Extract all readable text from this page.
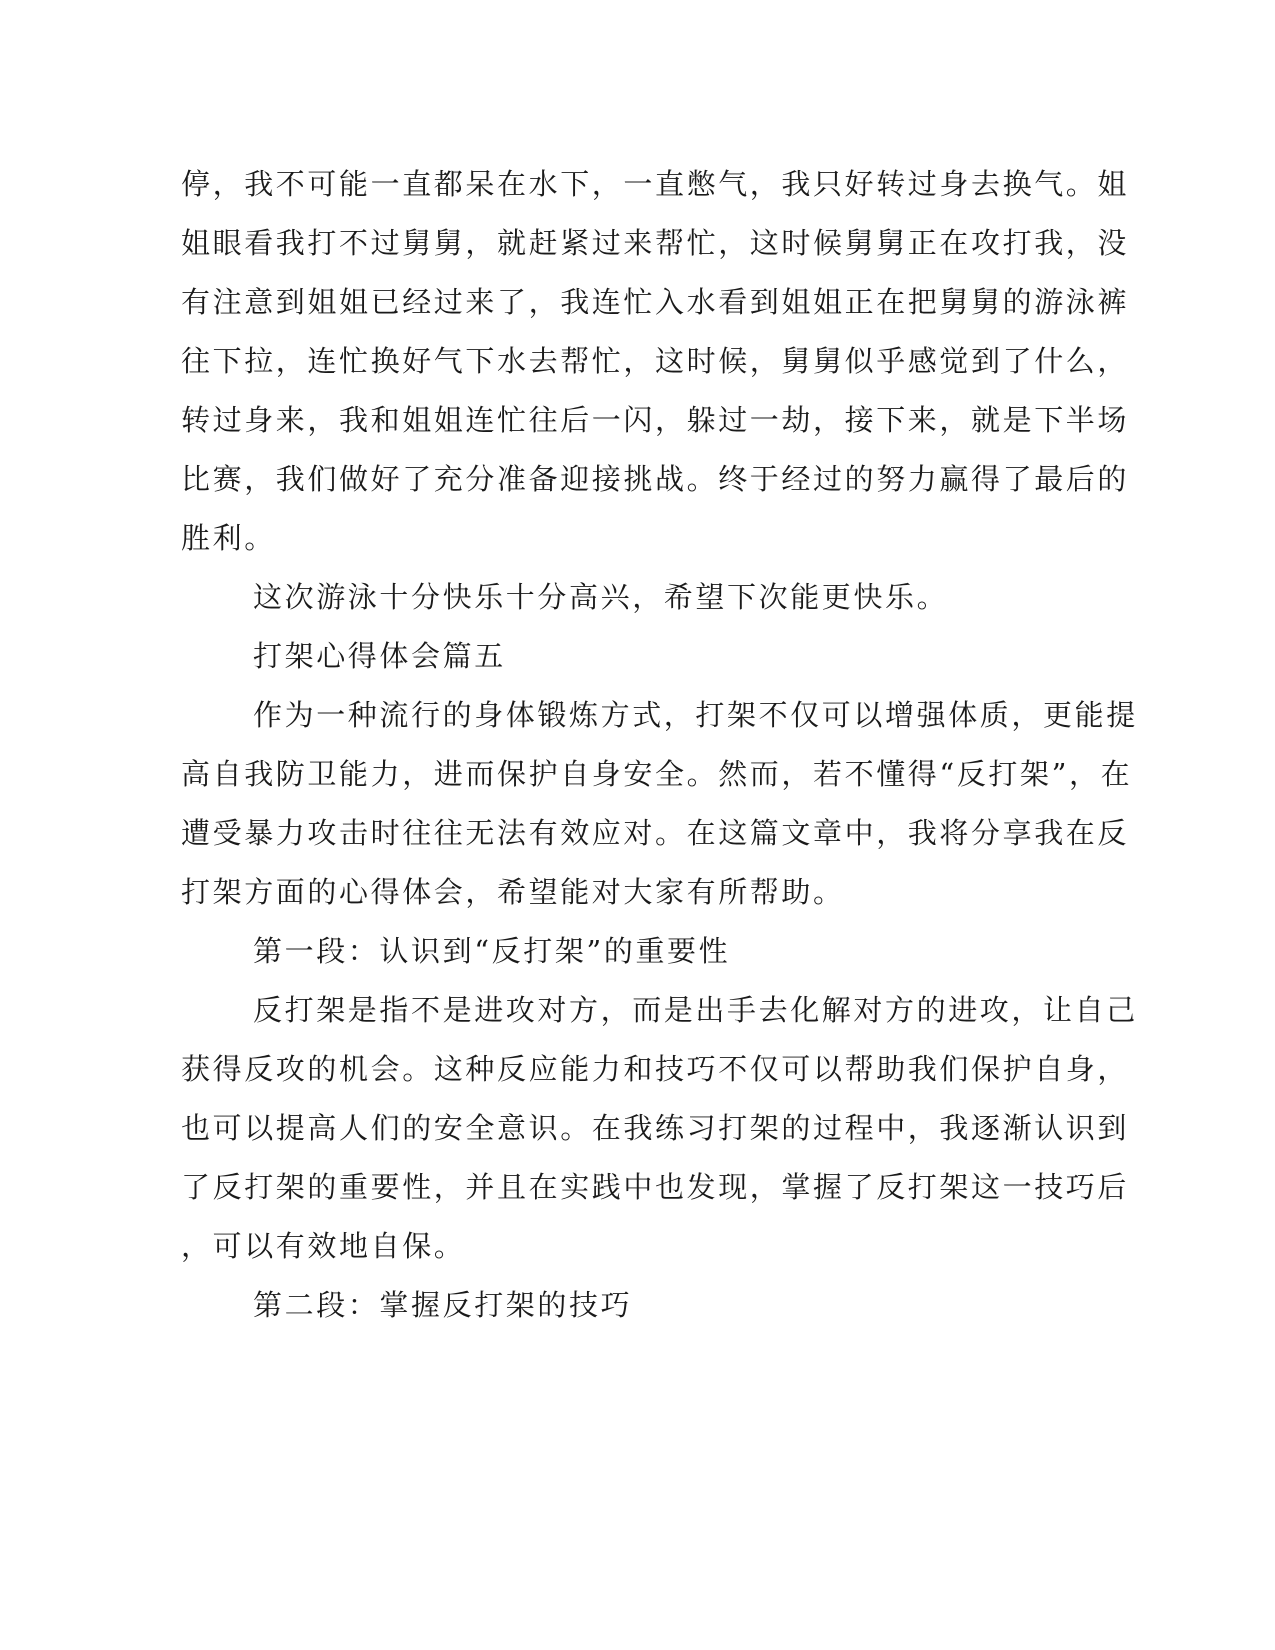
停，我不可能一直都呆在水下，一直憋气，我只好转过身去换气。姐
姐眼看我打不过舅舅，就赶紧过来帮忙，这时候舅舅正在攻打我，没
有注意到姐姐已经过来了，我连忙入水看到姐姐正在把舅舅的游泳裤
往下拉，连忙换好气下水去帮忙，这时候，舅舅似乎感觉到了什么，
转过身来，我和姐姐连忙往后一闪，躲过一劫，接下来，就是下半场
比赛，我们做好了充分准备迎接挑战。终于经过的努力赢得了最后的
胜利。
这次游泳十分快乐十分高兴，希望下次能更快乐。
打架心得体会篇五
作为一种流行的身体锻炼方式，打架不仅可以增强体质，更能提
高自我防卫能力，进而保护自身安全。然而，若不懂得“反打架”，在
遭受暴力攻击时往往无法有效应对。在这篇文章中，我将分享我在反
打架方面的心得体会，希望能对大家有所帮助。
第一段：认识到“反打架”的重要性
反打架是指不是进攻对方，而是出手去化解对方的进攻，让自己
获得反攻的机会。这种反应能力和技巧不仅可以帮助我们保护自身，
也可以提高人们的安全意识。在我练习打架的过程中，我逐渐认识到
了反打架的重要性，并且在实践中也发现，掌握了反打架这一技巧后
，可以有效地自保。
第二段：掌握反打架的技巧
